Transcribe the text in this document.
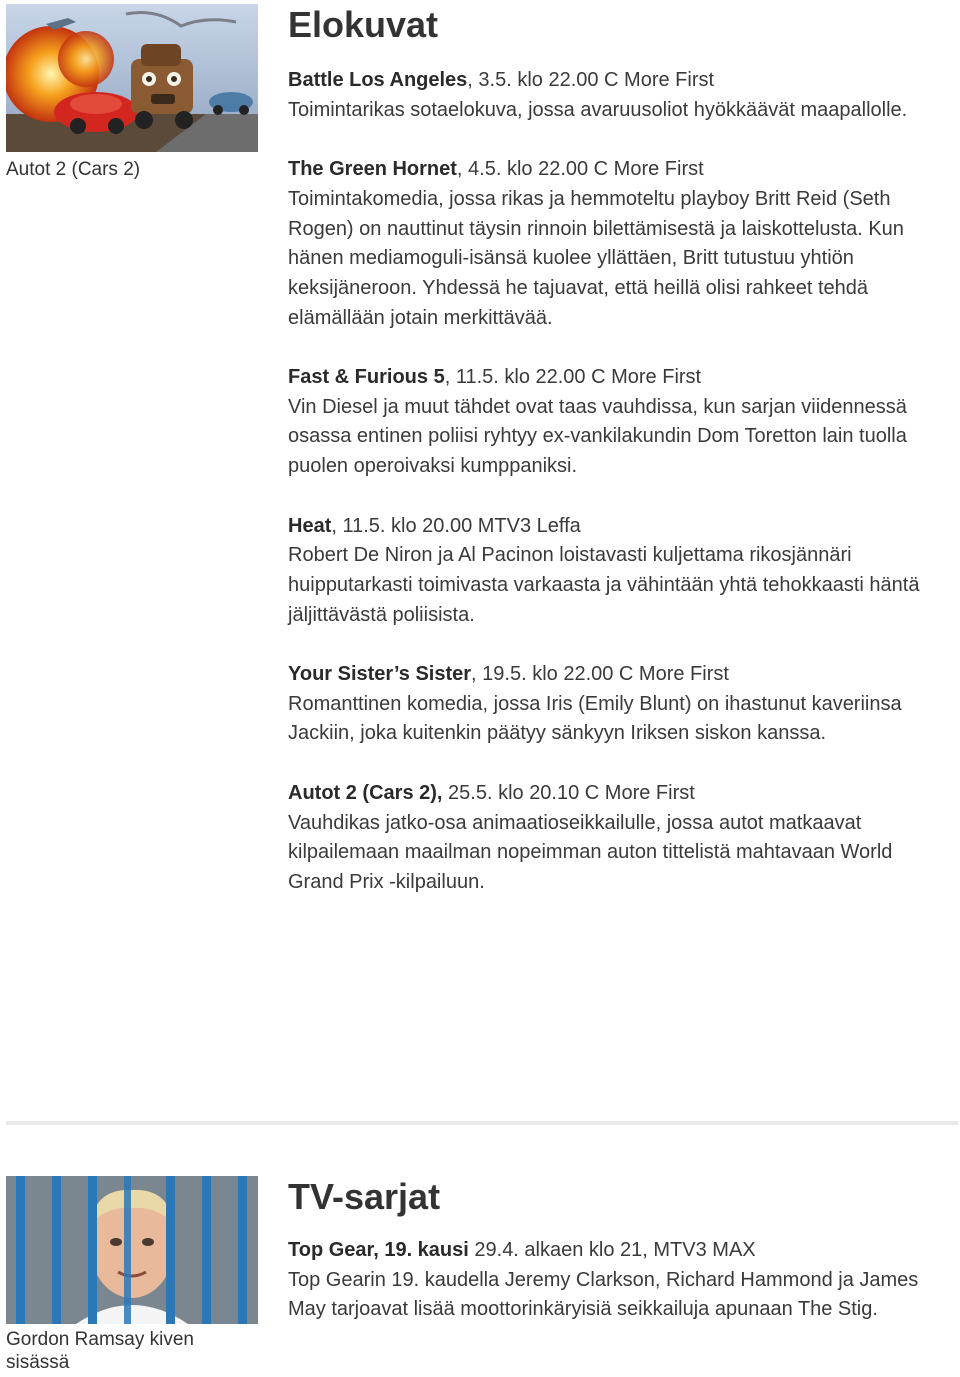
Autot 2 (Cars 2)
Elokuvat
Battle Los Angeles, 3.5. klo 22.00 C More First
Toimintarikas sotaelokuva, jossa avaruusoliot hyökkäävät maapallolle.
The Green Hornet, 4.5. klo 22.00 C More First
Toimintakomedia, jossa rikas ja hemmoteltu playboy Britt Reid (Seth Rogen) on nauttinut täysin rinnoin bilettämisestä ja laiskottelusta. Kun hänen mediamoguli-isänsä kuolee yllättäen, Britt tutustuu yhtiön keksijäneroon. Yhdessä he tajuavat, että heillä olisi rahkeet tehdä elämällään jotain merkittävää.
Fast & Furious 5, 11.5. klo 22.00 C More First
Vin Diesel ja muut tähdet ovat taas vauhdissa, kun sarjan viidennessä osassa entinen poliisi ryhtyy ex-vankilakundin Dom Toretton lain tuolla puolen operoivaksi kumppaniksi.
Heat, 11.5. klo 20.00 MTV3 Leffa
Robert De Niron ja Al Pacinon loistavasti kuljettama rikosjännäri huipputarkasti toimivasta varkaasta ja vähintään yhtä tehokkaasti häntä jäljittävästä poliisista.
Your Sister’s Sister, 19.5. klo 22.00 C More First
Romanttinen komedia, jossa Iris (Emily Blunt) on ihastunut kaveriinsa Jackiin, joka kuitenkin päätyy sänkyyn Iriksen siskon kanssa.
Autot 2 (Cars 2), 25.5. klo 20.10 C More First
Vauhdikas jatko-osa animaatioseikkailulle, jossa autot matkaavat kilpailemaan maailman nopeimman auton tittelistä mahtavaan World Grand Prix -kilpailuun.
Gordon Ramsay kiven sisässä
TV-sarjat
Top Gear, 19. kausi 29.4. alkaen klo 21, MTV3 MAX
Top Gearin 19. kaudella Jeremy Clarkson, Richard Hammond ja James May tarjoavat lisää moottorinkäryisiä seikkailuja apunaan The Stig.
